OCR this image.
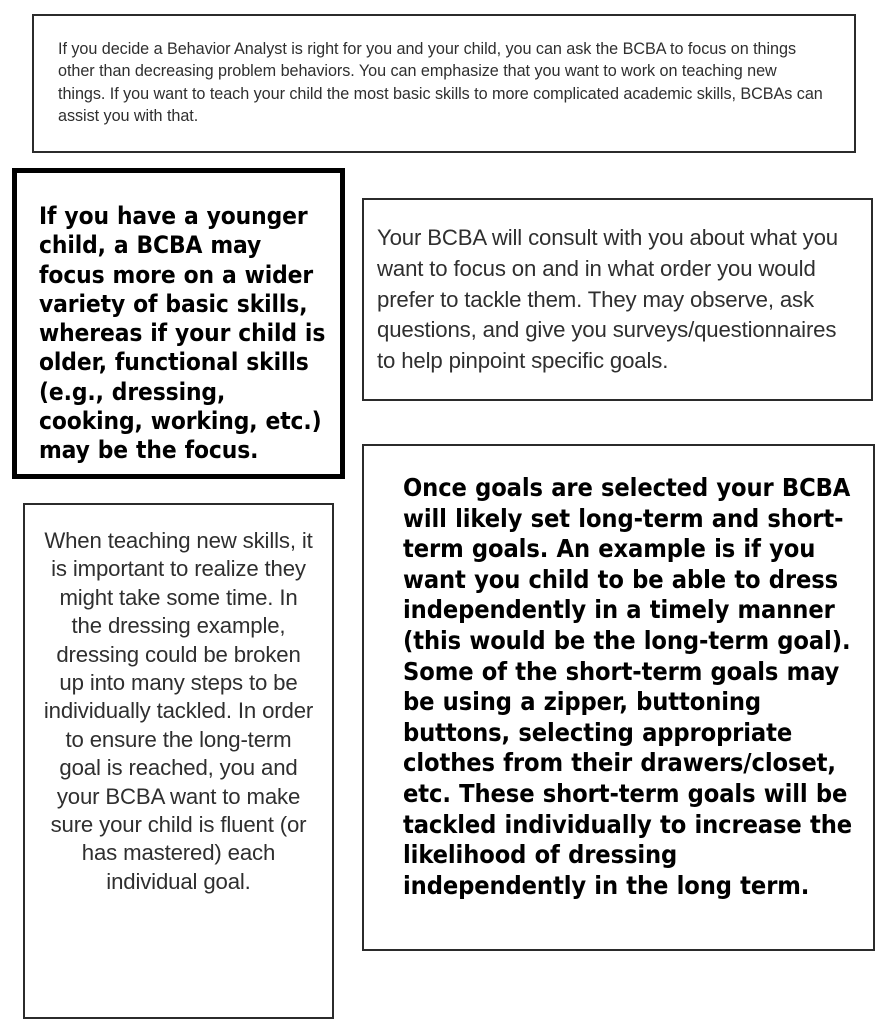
If you decide a Behavior Analyst is right for you and your child, you can ask the BCBA to focus on things other than decreasing problem behaviors. You can emphasize that you want to work on teaching new things. If you want to teach your child the most basic skills to more complicated academic skills, BCBAs can assist you with that.

If you have a younger child, a BCBA may focus more on a wider variety of basic skills, whereas if your child is older, functional skills (e.g., dressing, cooking, working, etc.) may be the focus.

Your BCBA will consult with you about what you want to focus on and in what order you would prefer to tackle them. They may observe, ask questions, and give you surveys/questionnaires to help pinpoint specific goals.

Once goals are selected your BCBA will likely set long-term and short-term goals. An example is if you want you child to be able to dress independently in a timely manner (this would be the long-term goal). Some of the short-term goals may be using a zipper, buttoning buttons, selecting appropriate clothes from their drawers/closet, etc. These short-term goals will be tackled individually to increase the likelihood of dressing independently in the long term.

When teaching new skills, it is important to realize they might take some time. In the dressing example, dressing could be broken up into many steps to be individually tackled. In order to ensure the long-term goal is reached, you and your BCBA want to make sure your child is fluent (or has mastered) each individual goal.
